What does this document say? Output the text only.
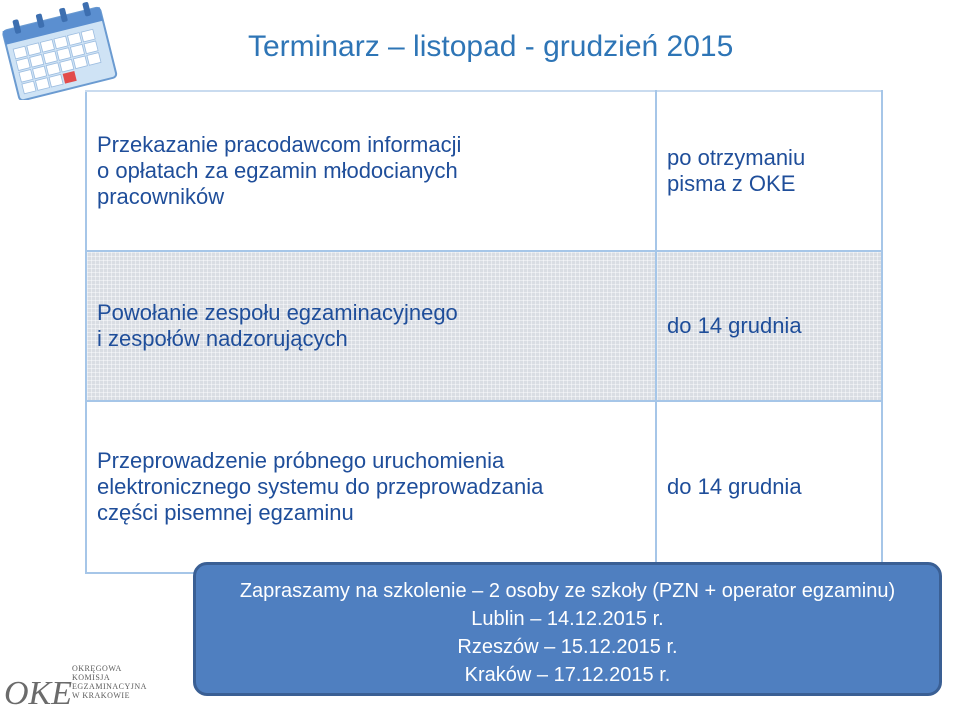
Terminarz – listopad - grudzień 2015
Przekazanie pracodawcom informacji
o opłatach za egzamin młodocianych
pracowników	po otrzymaniu
pisma z OKE

Powołanie zespołu egzaminacyjnego
i zespołów nadzorujących	do 14 grudnia

Przeprowadzenie próbnego uruchomienia
elektronicznego systemu do przeprowadzania
części pisemnej egzaminu	do 14 grudnia
OKE
OKRĘGOWA
KOMISJA
EGZAMINACYJNA
W KRAKOWIE
Zapraszamy na szkolenie – 2 osoby ze szkoły (PZN + operator egzaminu)
Lublin – 14.12.2015 r.
Rzeszów – 15.12.2015 r.
Kraków – 17.12.2015 r.
